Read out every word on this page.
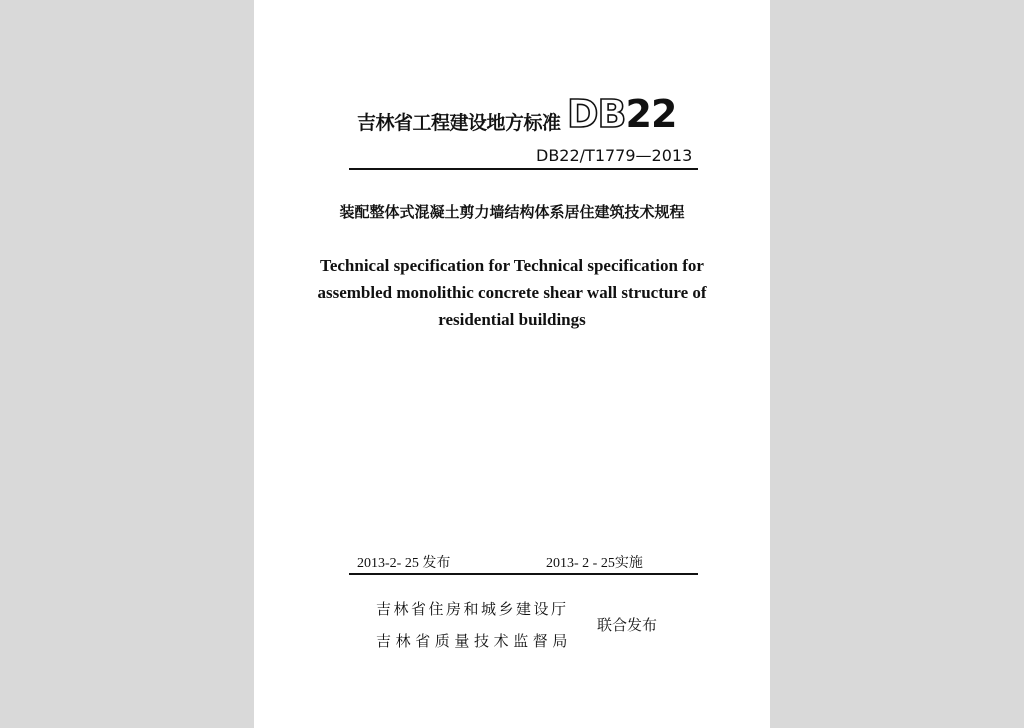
吉林省工程建设地方标准 DB22
DB22/T1779—2013
装配整体式混凝土剪力墙结构体系居住建筑技术规程
Technical specification for Technical specification for
assembled monolithic concrete shear wall structure of
residential buildings
2013-2- 25 发布	2013- 2 - 25实施
吉林省住房和城乡建设厅
吉林省质量技术监督局
联合发布
